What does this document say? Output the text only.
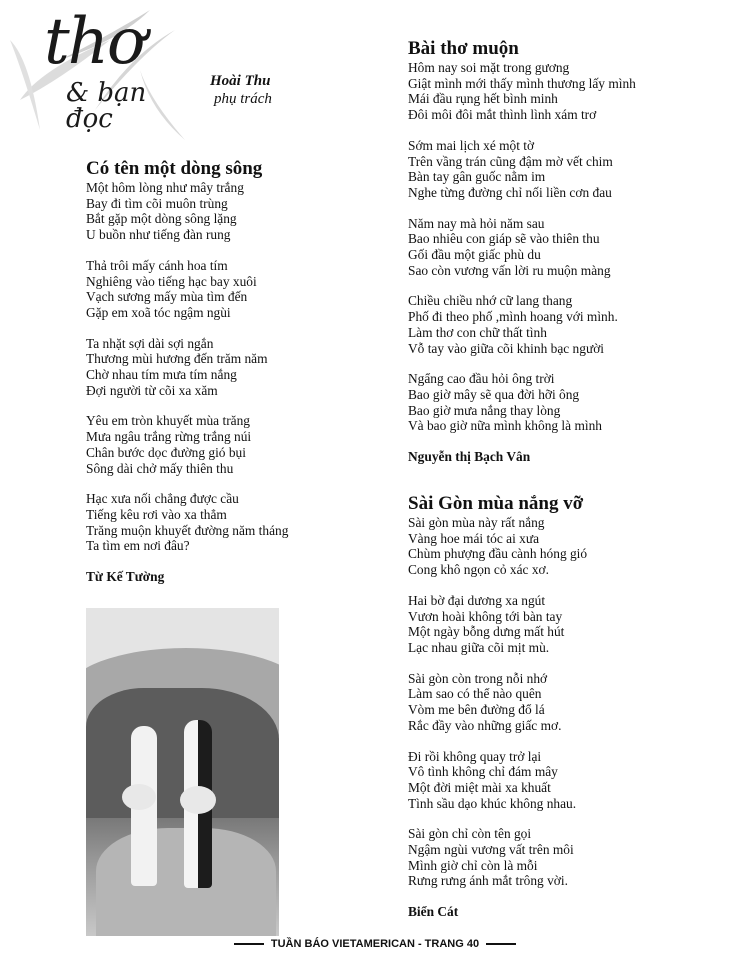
thơ
& bạn đọc
Hoài Thu
phụ trách
Có tên một dòng sông
Một hôm lòng như mây trắng
Bay đi tìm cõi muôn trùng
Bắt gặp một dòng sông lặng
U buồn như tiếng đàn rung
Thả trôi mấy cánh hoa tím
Nghiêng vào tiếng hạc bay xuôi
Vạch sương mấy mùa tìm đến
Gặp em xoã tóc ngậm ngùi
Ta nhặt sợi dài sợi ngắn
Thương mùi hương đến trăm năm
Chờ nhau tím mưa tím nắng
Đợi người từ cõi xa xăm
Yêu em tròn khuyết mùa trăng
Mưa ngâu trắng rừng trắng núi
Chân bước dọc đường gió bụi
Sông dài chở mấy thiên thu
Hạc xưa nối chẳng được cầu
Tiếng kêu rơi vào xa thẳm
Trăng muộn khuyết đường năm tháng
Ta tìm em nơi đâu?
Từ Kế Tường
Bài thơ muộn
Hôm nay soi mặt trong gương
Giật mình mới thấy mình thương lấy mình
Mái đầu rụng hết bình minh
Đôi môi đôi mắt thình lình xám trơ
Sớm mai lịch xé một tờ
Trên vầng trán cũng đậm mờ vết chim
Bàn tay gân guốc nằm im
Nghe từng đường chỉ nối liền cơn đau
Năm nay mà hỏi năm sau
Bao nhiêu con giáp sẽ vào thiên thu
Gối đầu một giấc phù du
Sao còn vương vấn lời ru muộn màng
Chiều chiều nhớ cữ lang thang
Phố đi theo phố ,mình hoang với mình.
Làm thơ con chữ thất tình
Vỗ tay vào giữa cõi khinh bạc người
Ngẩng cao đầu hỏi ông trời
Bao giờ mây sẽ qua đời hỡi ông
Bao giờ mưa nắng thay lòng
Và bao giờ nữa mình không là mình
Nguyễn thị Bạch Vân
Sài Gòn mùa nắng vỡ
Sài gòn mùa này rất nắng
Vàng hoe mái tóc ai xưa
Chùm phượng đầu cành hóng gió
Cong khô ngọn cỏ xác xơ.
Hai bờ đại dương xa ngút
Vươn hoài không tới bàn tay
Một ngày bỗng dưng mất hút
Lạc nhau giữa cõi mịt mù.
Sài gòn còn trong nỗi nhớ
Làm sao có thể nào quên
Vòm me bên đường đổ lá
Rắc đầy vào những giấc mơ.
Đi rồi không quay trở lại
Vô tình không chỉ đám mây
Một đời miệt mài xa khuất
Tình sầu dạo khúc không nhau.
Sài gòn chỉ còn tên gọi
Ngậm ngùi vương vất trên môi
Mình giờ chỉ còn là mỗi
Rưng rưng ánh mắt trông vời.
Biển Cát
TUẦN BÁO VIETAMERICAN - TRANG 40
